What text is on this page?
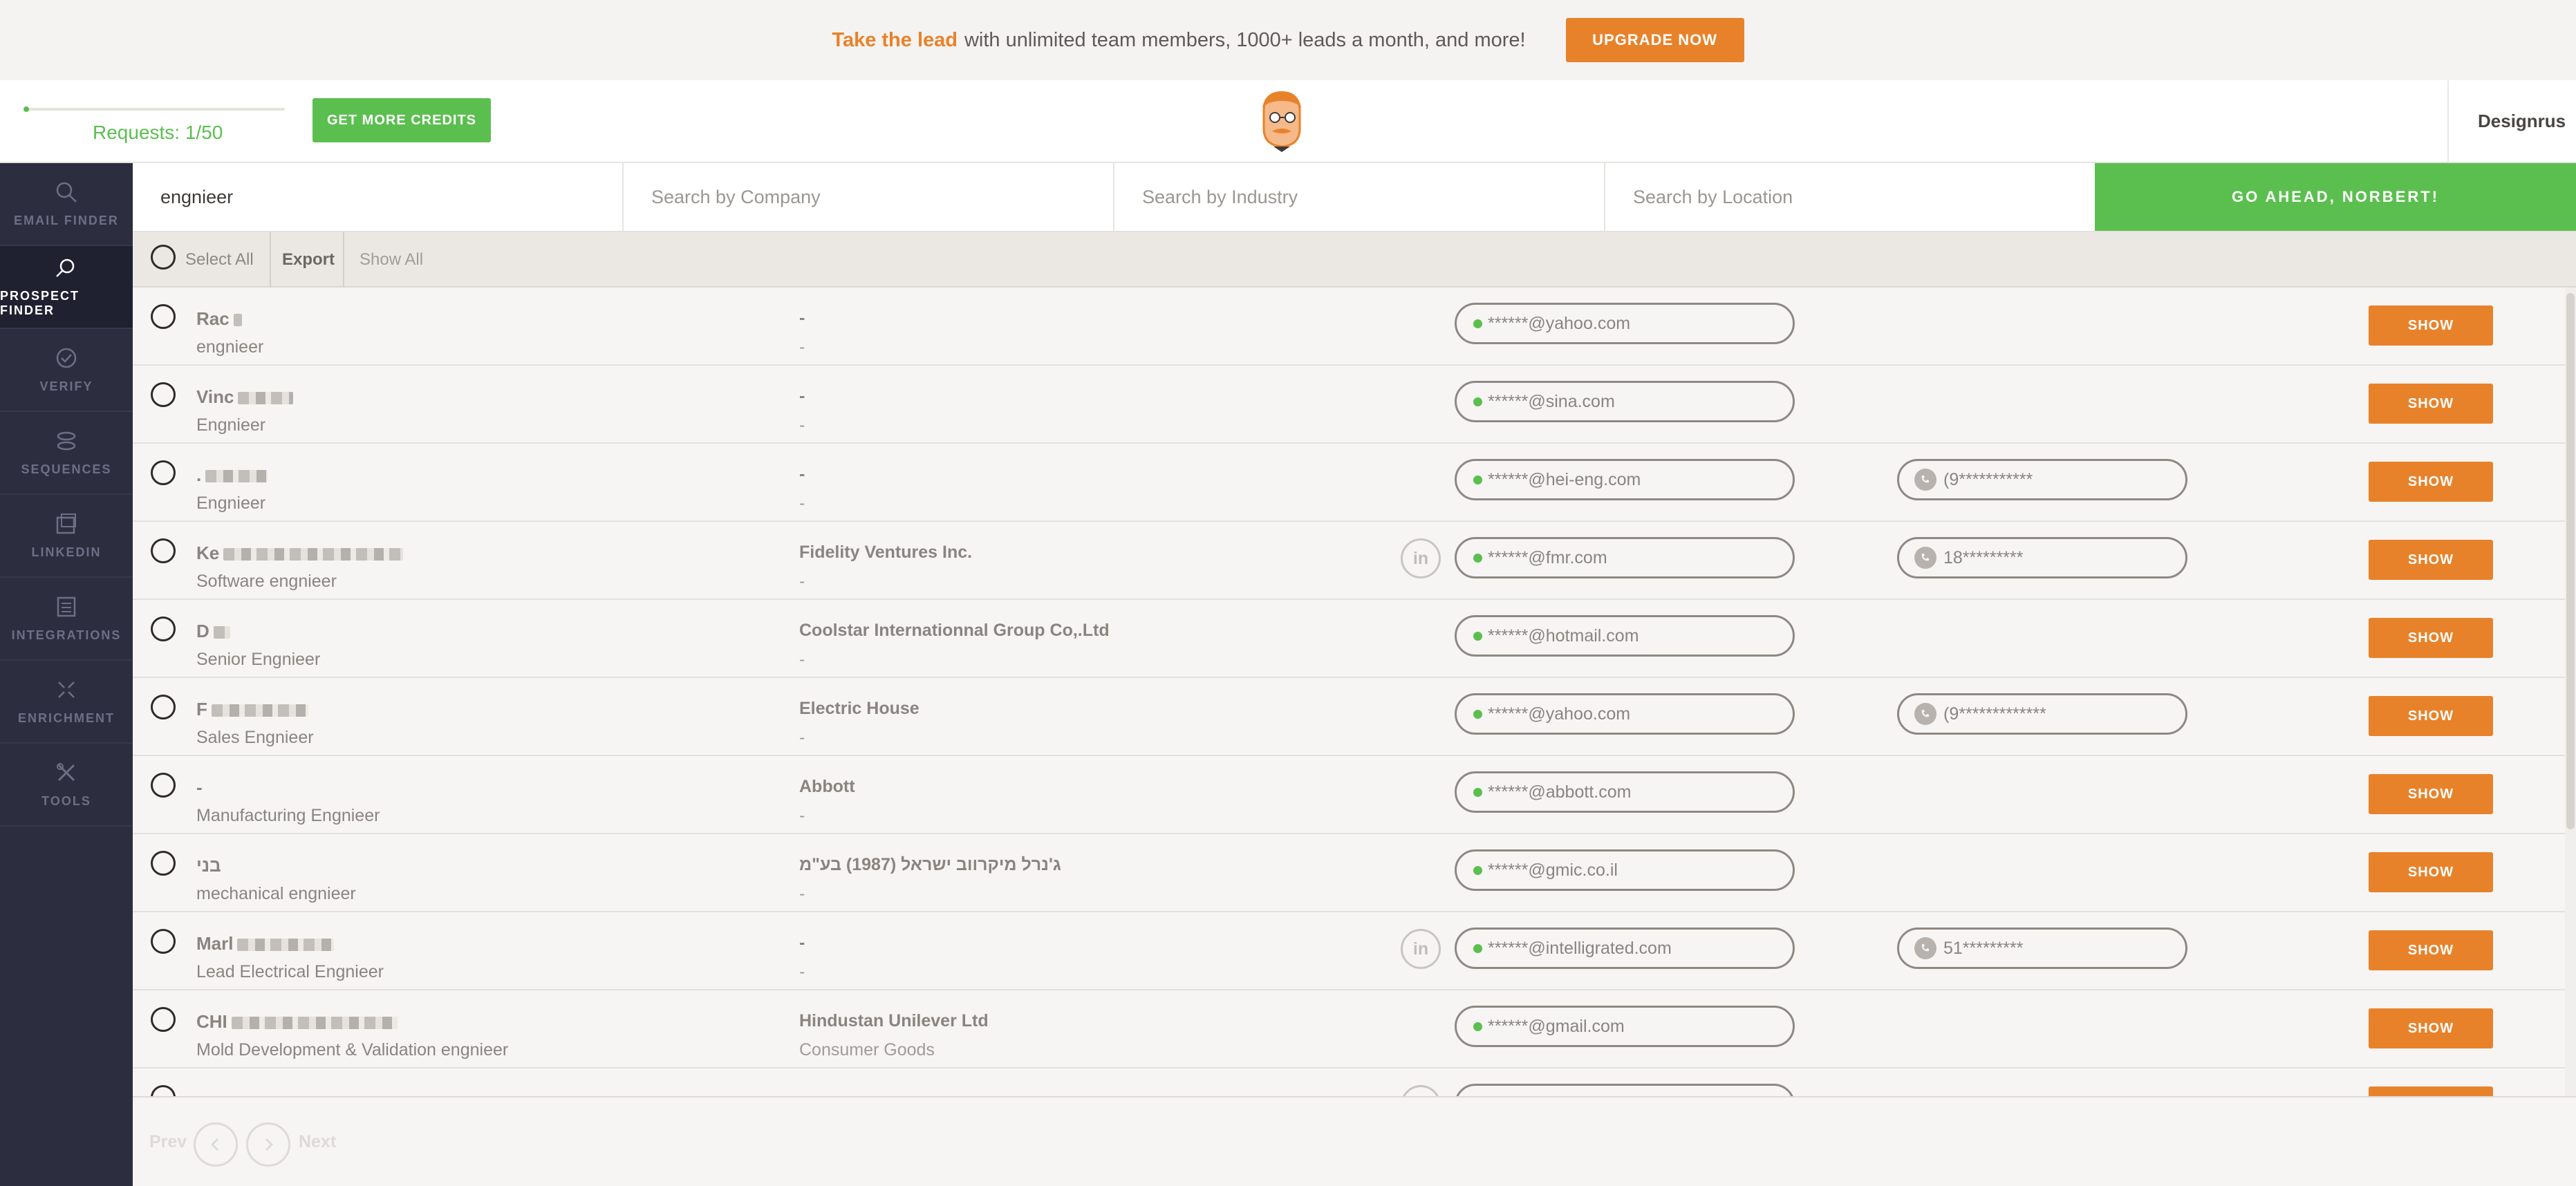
Take the lead with unlimited team members, 1000+ leads a month, and more!	UPGRADE NOW
Requests: 1/50
GET MORE CREDITS	Designrus
EMAIL FINDER
PROSPECT FINDER
VERIFY
SEQUENCES
LINKEDIN
INTEGRATIONS
ENRICHMENT
TOOLS
engnieer	Search by Company	Search by Industry	Search by Location	GO AHEAD, NORBERT!
Select All Export Show All
Rac
engnieer
-
-
******@yahoo.com	SHOW
Vinc
Engnieer
-
-
******@sina.com	SHOW
.
Engnieer
-
-
******@hei-eng.com	(9***********	SHOW
Ke
Software engnieer
Fidelity Ventures Inc.
-
in	******@fmr.com	18*********	SHOW
D
Senior Engnieer
Coolstar Internationnal Group Co,.Ltd
-
******@hotmail.com	SHOW
F
Sales Engnieer
Electric House
-
******@yahoo.com	(9*************	SHOW
-
Manufacturing Engnieer
Abbott
-
******@abbott.com	SHOW
בני
mechanical engnieer
ג'נרל מיקרווב ישראל (1987) בע"מ
-
******@gmic.co.il	SHOW
Marl
Lead Electrical Engnieer
-
-
in	******@intelligrated.com	51*********	SHOW
CHI
Mold Development & Validation engnieer
Hindustan Unilever Ltd
Consumer Goods
******@gmail.com	SHOW
Prev	Next
